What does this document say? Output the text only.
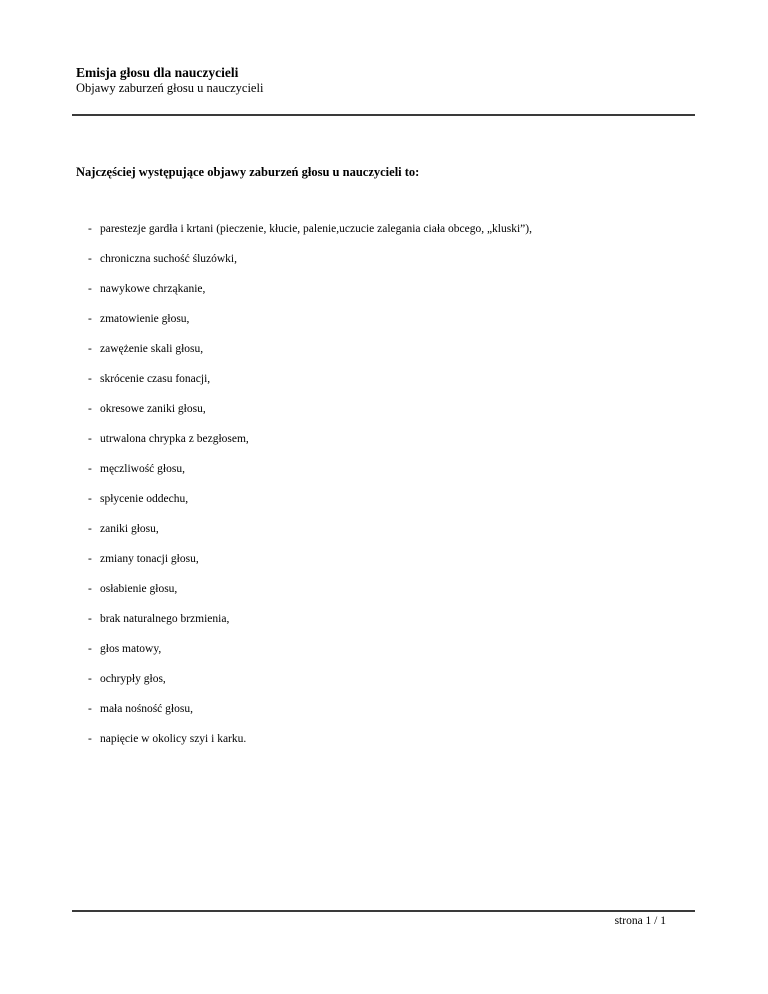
Emisja głosu dla nauczycieli

Objawy zaburzeń głosu u nauczycieli

Najczęściej występujące objawy zaburzeń głosu u nauczycieli to:

- parestezje gardła i krtani (pieczenie, kłucie, palenie,uczucie zalegania ciała obcego, „kluski”),
- chroniczna suchość śluzówki,
- nawykowe chrząkanie,
- zmatowienie głosu,
- zawężenie skali głosu,
- skrócenie czasu fonacji,
- okresowe zaniki głosu,
- utrwalona chrypka z bezgłosem,
- męczliwość głosu,
- spłycenie oddechu,
- zaniki głosu,
- zmiany tonacji głosu,
- osłabienie głosu,
- brak naturalnego brzmienia,
- głos matowy,
- ochrypły głos,
- mała nośność głosu,
- napięcie w okolicy szyi i karku.
strona 1 / 1
